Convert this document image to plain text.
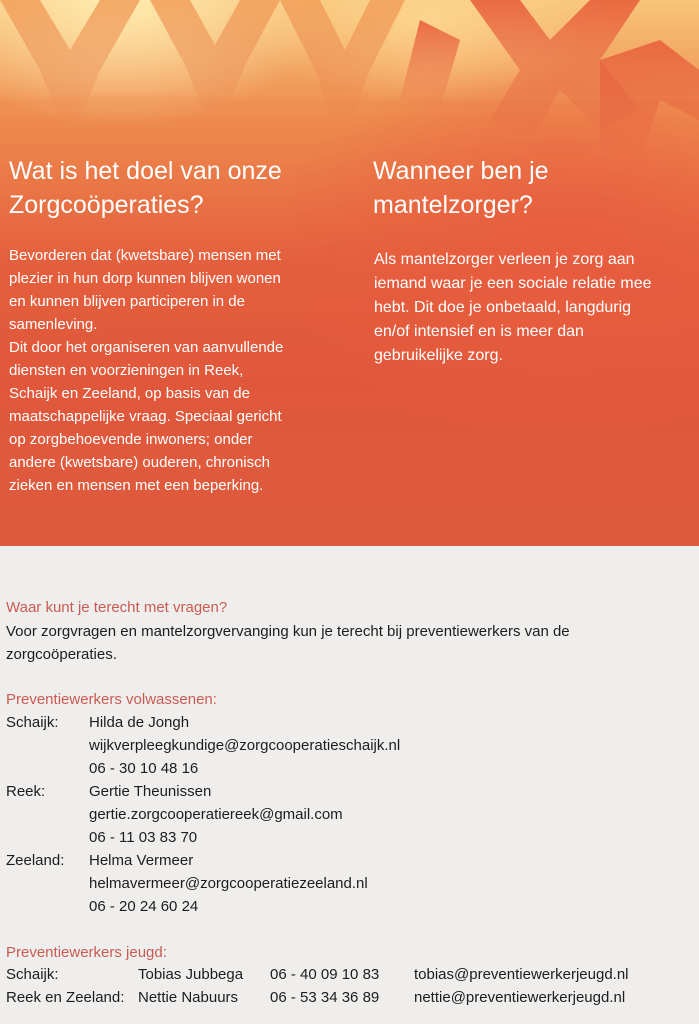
Wat is het doel van onze
Zorgcoöperaties?
Wanneer ben je
mantelzorger?

Bevorderen dat (kwetsbare) mensen met
plezier in hun dorp kunnen blijven wonen
en kunnen blijven participeren in de
samenleving.
Dit door het organiseren van aanvullende
diensten en voorzieningen in Reek,
Schaijk en Zeeland, op basis van de
maatschappelijke vraag. Speciaal gericht
op zorgbehoevende inwoners; onder
andere (kwetsbare) ouderen, chronisch
zieken en mensen met een beperking.

Als mantelzorger verleen je zorg aan
iemand waar je een sociale relatie mee
hebt. Dit doe je onbetaald, langdurig
en/of intensief en is meer dan
gebruikelijke zorg.

Waar kunt je terecht met vragen?
Voor zorgvragen en mantelzorgvervanging kun je terecht bij preventiewerkers van de
zorgcoöperaties.
Preventiewerkers volwassenen:
Schaijk: Hilda de Jongh
wijkverpleegkundige@zorgcooperatieschaijk.nl
06 - 30 10 48 16
Reek:	Gertie Theunissen
gertie.zorgcooperatiereek@gmail.com
06 - 11 03 83 70
Zeeland: Helma Vermeer
helmavermeer@zorgcooperatiezeeland.nl
06 - 20 24 60 24
Preventiewerkers jeugd:
Schaijk:	Tobias Jubbega 06 - 40 09 10 83 tobias@preventiewerkerjeugd.nl
Reek en Zeeland: Nettie Nabuurs 06 - 53 34 36 89 nettie@preventiewerkerjeugd.nl
